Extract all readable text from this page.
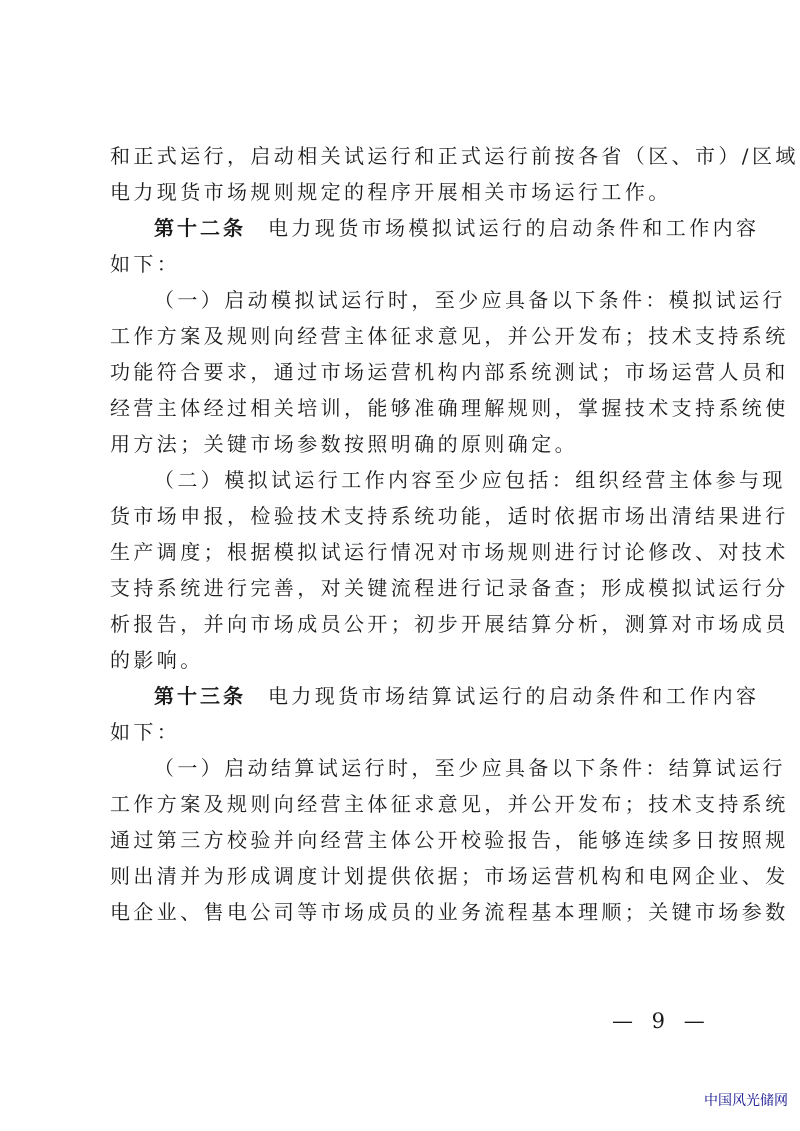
和正式运行，启动相关试运行和正式运行前按各省（区、市）/区域
电力现货市场规则规定的程序开展相关市场运行工作。
第十二条 电力现货市场模拟试运行的启动条件和工作内容
如下：
（一）启动模拟试运行时，至少应具备以下条件：模拟试运行
工作方案及规则向经营主体征求意见，并公开发布；技术支持系统
功能符合要求，通过市场运营机构内部系统测试；市场运营人员和
经营主体经过相关培训，能够准确理解规则，掌握技术支持系统使
用方法；关键市场参数按照明确的原则确定。
（二）模拟试运行工作内容至少应包括：组织经营主体参与现
货市场申报，检验技术支持系统功能，适时依据市场出清结果进行
生产调度；根据模拟试运行情况对市场规则进行讨论修改、对技术
支持系统进行完善，对关键流程进行记录备查；形成模拟试运行分
析报告，并向市场成员公开；初步开展结算分析，测算对市场成员
的影响。
第十三条 电力现货市场结算试运行的启动条件和工作内容
如下：
（一）启动结算试运行时，至少应具备以下条件：结算试运行
工作方案及规则向经营主体征求意见，并公开发布；技术支持系统
通过第三方校验并向经营主体公开校验报告，能够连续多日按照规
则出清并为形成调度计划提供依据；市场运营机构和电网企业、发
电企业、售电公司等市场成员的业务流程基本理顺；关键市场参数
— 9 —
中国风光储网
